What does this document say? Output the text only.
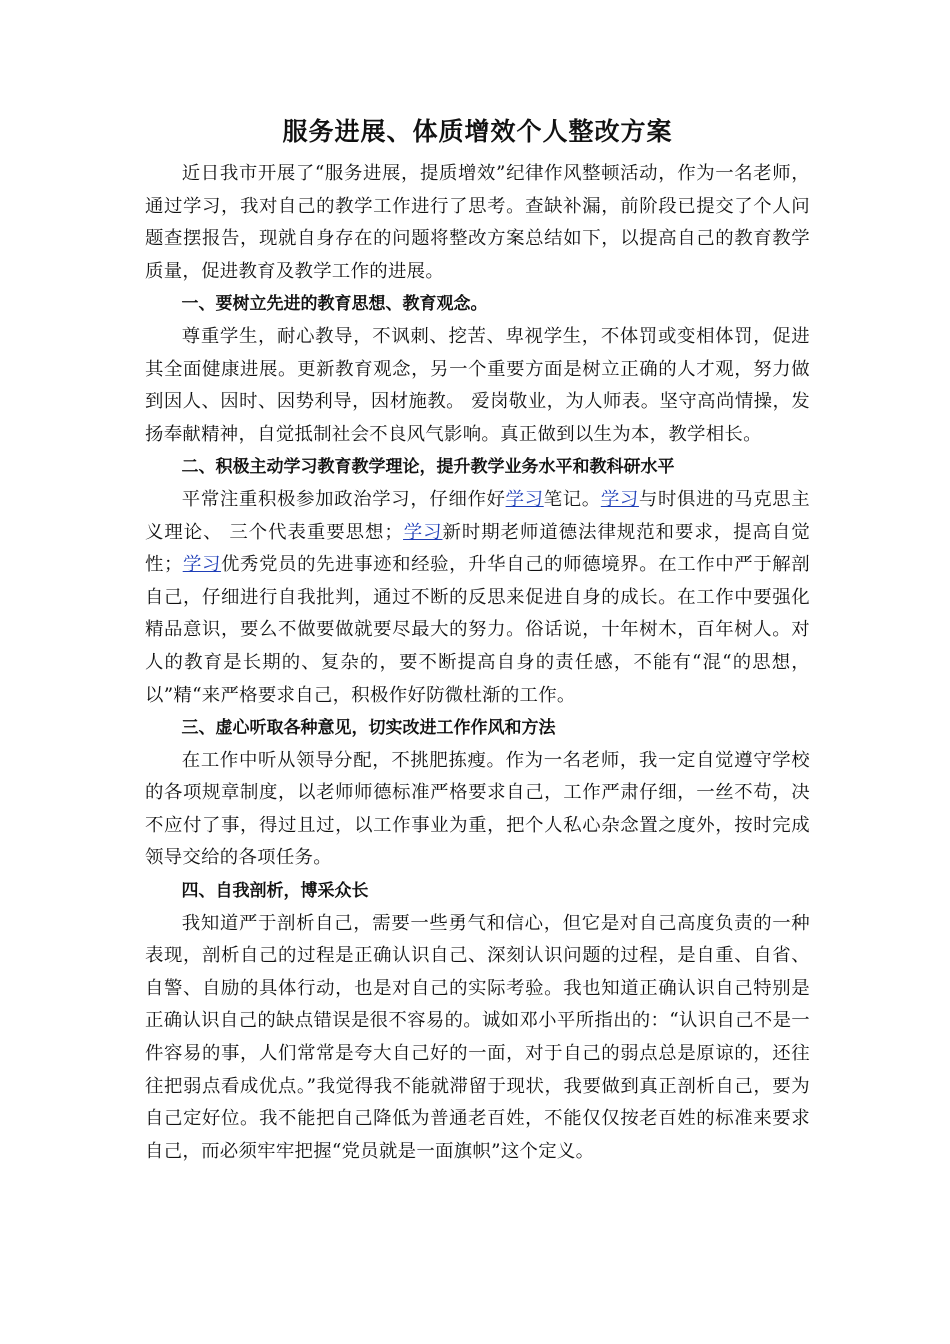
服务进展、体质增效个人整改方案

近日我市开展了“服务进展，提质增效”纪律作风整顿活动，作为一名老师，通过学习，我对自己的教学工作进行了思考。查缺补漏，前阶段已提交了个人问题查摆报告，现就自身存在的问题将整改方案总结如下，以提高自己的教育教学质量，促进教育及教学工作的进展。

一、要树立先进的教育思想、教育观念。

尊重学生，耐心教导，不讽刺、挖苦、卑视学生，不体罚或变相体罚，促进其全面健康进展。更新教育观念，另一个重要方面是树立正确的人才观，努力做到因人、因时、因势利导，因材施教。 爱岗敬业，为人师表。坚守高尚情操，发扬奉献精神，自觉抵制社会不良风气影响。真正做到以生为本，教学相长。

二、积极主动学习教育教学理论，提升教学业务水平和教科研水平

平常注重积极参加政治学习，仔细作好学习笔记。学习与时俱进的马克思主义理论、 三个代表重要思想；学习新时期老师道德法律规范和要求，提高自觉性；学习优秀党员的先进事迹和经验，升华自己的师德境界。在工作中严于解剖自己，仔细进行自我批判，通过不断的反思来促进自身的成长。在工作中要强化精品意识，要么不做要做就要尽最大的努力。俗话说，十年树木，百年树人。对人的教育是长期的、复杂的，要不断提高自身的责任感，不能有“混“的思想，以”精“来严格要求自己，积极作好防微杜渐的工作。

三、虚心听取各种意见，切实改进工作作风和方法

在工作中听从领导分配，不挑肥拣瘦。作为一名老师，我一定自觉遵守学校的各项规章制度，以老师师德标准严格要求自己，工作严肃仔细，一丝不苟，决不应付了事，得过且过，以工作事业为重，把个人私心杂念置之度外，按时完成领导交给的各项任务。

四、自我剖析，博采众长

我知道严于剖析自己，需要一些勇气和信心，但它是对自己高度负责的一种表现，剖析自己的过程是正确认识自己、深刻认识问题的过程，是自重、自省、自警、自励的具体行动，也是对自己的实际考验。我也知道正确认识自己特别是正确认识自己的缺点错误是很不容易的。诚如邓小平所指出的：“认识自己不是一件容易的事，人们常常是夸大自己好的一面，对于自己的弱点总是原谅的，还往往把弱点看成优点。”我觉得我不能就滞留于现状，我要做到真正剖析自己，要为自己定好位。我不能把自己降低为普通老百姓，不能仅仅按老百姓的标准来要求自己，而必须牢牢把握“党员就是一面旗帜”这个定义。
